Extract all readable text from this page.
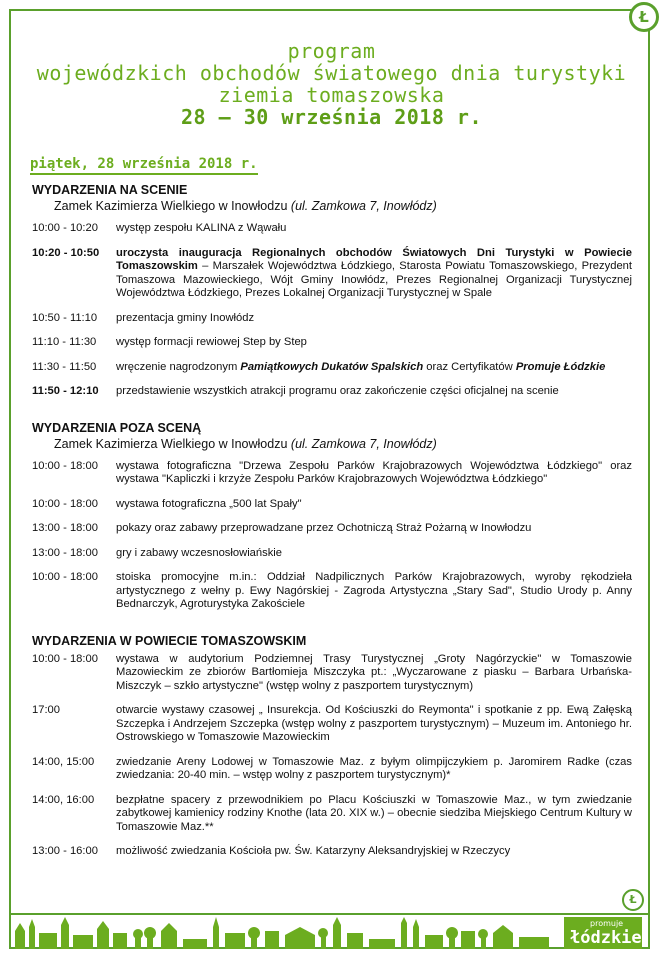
Ł
program
wojewódzkich obchodów światowego dnia turystyki
ziemia tomaszowska
28 – 30 września 2018 r.
piątek, 28 września 2018 r.
WYDARZENIA NA SCENIE
Zamek Kazimierza Wielkiego w Inowłodzu (ul. Zamkowa 7, Inowłódz)
10:00 - 10:20	występ zespołu KALINA z Wąwału
10:20 - 10:50	uroczysta inauguracja Regionalnych obchodów Światowych Dni Turystyki w Powiecie Tomaszowskim – Marszałek Województwa Łódzkiego, Starosta Powiatu Tomaszowskiego, Prezydent Tomaszowa Mazowieckiego, Wójt Gminy Inowłódz, Prezes Regionalnej Organizacji Turystycznej Województwa Łódzkiego, Prezes Lokalnej Organizacji Turystycznej w Spale
10:50 - 11:10	prezentacja gminy Inowłódz
11:10 - 11:30	występ formacji rewiowej Step by Step
11:30 - 11:50	wręczenie nagrodzonym Pamiątkowych Dukatów Spalskich oraz Certyfikatów Promuje Łódzkie
11:50 - 12:10	przedstawienie wszystkich atrakcji programu oraz zakończenie części oficjalnej na scenie
WYDARZENIA POZA SCENĄ
Zamek Kazimierza Wielkiego w Inowłodzu (ul. Zamkowa 7, Inowłódz)
10:00 - 18:00	wystawa fotograficzna "Drzewa Zespołu Parków Krajobrazowych Województwa Łódzkiego" oraz wystawa "Kapliczki i krzyże Zespołu Parków Krajobrazowych Województwa Łódzkiego"
10:00 - 18:00	wystawa fotograficzna „500 lat Spały"
13:00 - 18:00	pokazy oraz zabawy przeprowadzane przez Ochotniczą Straż Pożarną w Inowłodzu
13:00 - 18:00	gry i zabawy wczesnosłowiańskie
10:00 - 18:00	stoiska promocyjne m.in.: Oddział Nadpilicznych Parków Krajobrazowych, wyroby rękodzieła artystycznego z wełny p. Ewy Nagórskiej - Zagroda Artystyczna „Stary Sad", Studio Urody p. Anny Bednarczyk, Agroturystyka Zakościele
WYDARZENIA W POWIECIE TOMASZOWSKIM
10:00 - 18:00	wystawa w audytorium Podziemnej Trasy Turystycznej „Groty Nagórzyckie" w Tomaszowie Mazowieckim ze zbiorów Bartłomieja Miszczyka pt.: „Wyczarowane z piasku – Barbara Urbańska-Miszczyk – szkło artystyczne" (wstęp wolny z paszportem turystycznym)
17:00	otwarcie wystawy czasowej „ Insurekcja. Od Kościuszki do Reymonta" i spotkanie z pp. Ewą Załęską Szczepka i Andrzejem Szczepka (wstęp wolny z paszportem turystycznym) – Muzeum im. Antoniego hr. Ostrowskiego w Tomaszowie Mazowieckim
14:00, 15:00	zwiedzanie Areny Lodowej w Tomaszowie Maz. z byłym olimpijczykiem p. Jaromirem Radke (czas zwiedzania: 20-40 min. – wstęp wolny z paszportem turystycznym)*
14:00, 16:00	bezpłatne spacery z przewodnikiem po Placu Kościuszki w Tomaszowie Maz., w tym zwiedzanie zabytkowej kamienicy rodziny Knothe (lata 20. XIX w.) – obecnie siedziba Miejskiego Centrum Kultury w Tomaszowie Maz.**
13:00 - 16:00	możliwość zwiedzania Kościoła pw. Św. Katarzyny Aleksandryjskiej w Rzeczycy
promuje
łódzkie
Ł
